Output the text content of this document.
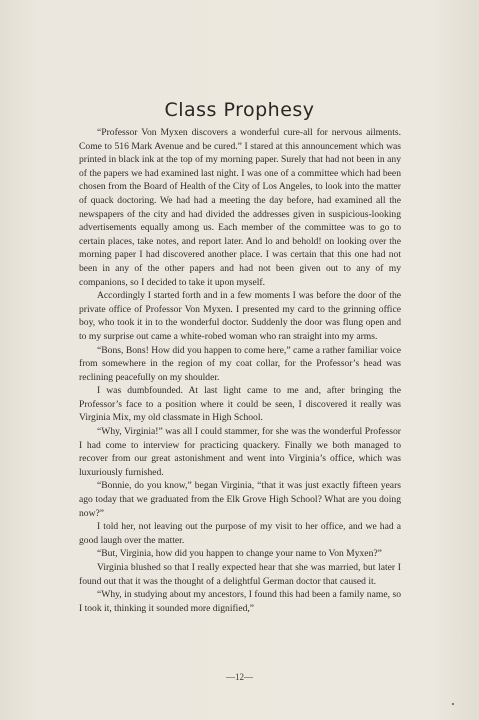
Class Prophesy

“Professor Von Myxen discovers a wonderful cure-all for nervous ailments. Come to 516 Mark Avenue and be cured.” I stared at this announcement which was printed in black ink at the top of my morning paper. Surely that had not been in any of the papers we had examined last night. I was one of a committee which had been chosen from the Board of Health of the City of Los Angeles, to look into the matter of quack doctoring. We had had a meeting the day before, had examined all the newspapers of the city and had divided the addresses given in suspicious-looking advertisements equally among us. Each member of the committee was to go to certain places, take notes, and report later. And lo and behold! on looking over the morning paper I had discovered another place. I was certain that this one had not been in any of the other papers and had not been given out to any of my companions, so I decided to take it upon myself.

Accordingly I started forth and in a few moments I was before the door of the private office of Professor Von Myxen. I presented my card to the grinning office boy, who took it in to the wonderful doctor. Suddenly the door was flung open and to my surprise out came a white-robed woman who ran straight into my arms.

“Bons, Bons! How did you happen to come here,” came a rather familiar voice from somewhere in the region of my coat collar, for the Professor’s head was reclining peacefully on my shoulder.

I was dumbfounded. At last light came to me and, after bringing the Professor’s face to a position where it could be seen, I discovered it really was Virginia Mix, my old classmate in High School.

“Why, Virginia!” was all I could stammer, for she was the wonderful Professor I had come to interview for practicing quackery. Finally we both managed to recover from our great astonishment and went into Virginia’s office, which was luxuriously furnished.

“Bonnie, do you know,” began Virginia, “that it was just exactly fifteen years ago today that we graduated from the Elk Grove High School? What are you doing now?”

I told her, not leaving out the purpose of my visit to her office, and we had a good laugh over the matter.

“But, Virginia, how did you happen to change your name to Von Myxen?”

Virginia blushed so that I really expected hear that she was married, but later I found out that it was the thought of a delightful German doctor that caused it.

“Why, in studying about my ancestors, I found this had been a family name, so I took it, thinking it sounded more dignified,”

—12—
